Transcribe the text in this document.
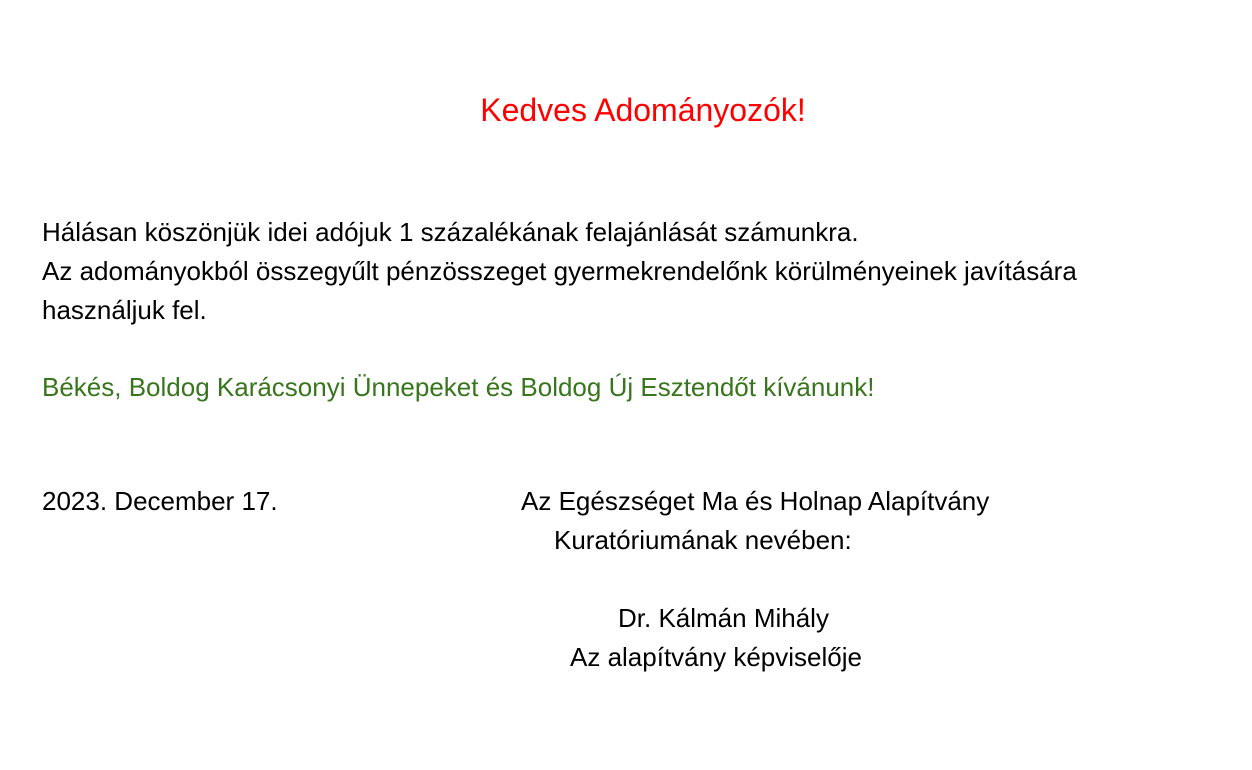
Kedves Adományozók!

Hálásan köszönjük idei adójuk 1 százalékának felajánlását számunkra.
Az adományokból összegyűlt pénzösszeget gyermekrendelőnk körülményeinek javítására
használjuk fel.

Békés, Boldog Karácsonyi Ünnepeket és Boldog Új Esztendőt kívánunk!

2023. December 17.	Az Egészséget Ma és Holnap Alapítvány

Kuratóriumának nevében:

Dr. Kálmán Mihály

Az alapítvány képviselője
